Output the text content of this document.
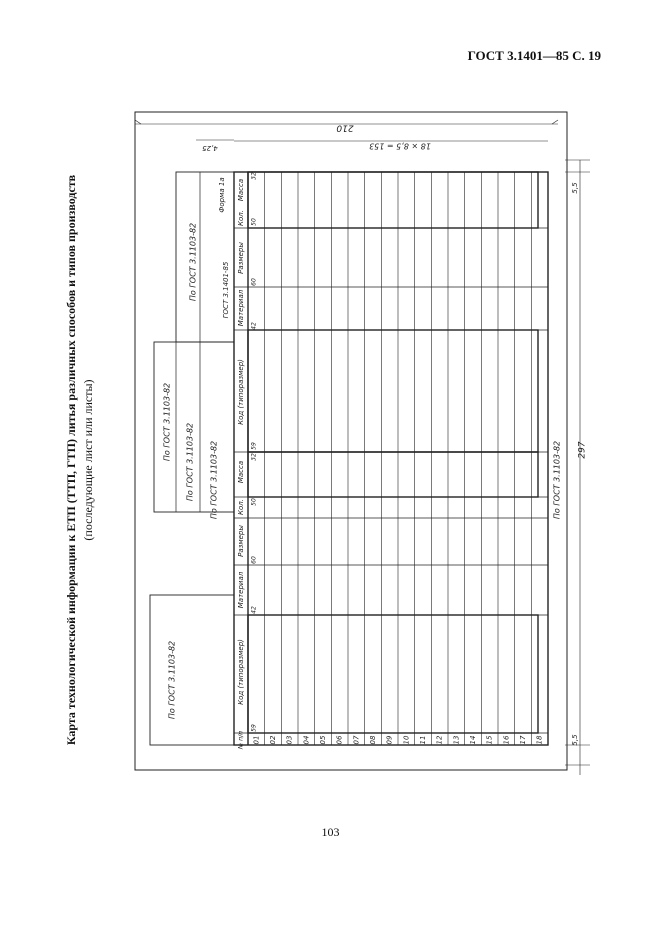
ГОСТ 3.1401—85 С. 19
Карта технологической информации к ЕТП (ТТП, ГТП) литья различных способов и типов производств (последующие лист или листы)
210
18 × 8,5 = 153
4,25
297
5,5
5,5
Форма 1а
ГОСТ 3.1401-85
По ГОСТ 3.1103-82
По ГОСТ 3.1103-82
По ГОСТ 3.1103-82 По ГОСТ 3.1103-82
По ГОСТ 3.1103-82
По ГОСТ 3.1103-82
Масса
Кол.
Размеры
Материал
Код (типоразмер)
Масса
Кол.
Размеры
Материал
Код (типоразмер)
№ п/п
32
50
60
42
59
32
50
60
42
59
01 02 03 04 05 06 07 08 09 10 11 12 13 14 15 16 17 18
103
